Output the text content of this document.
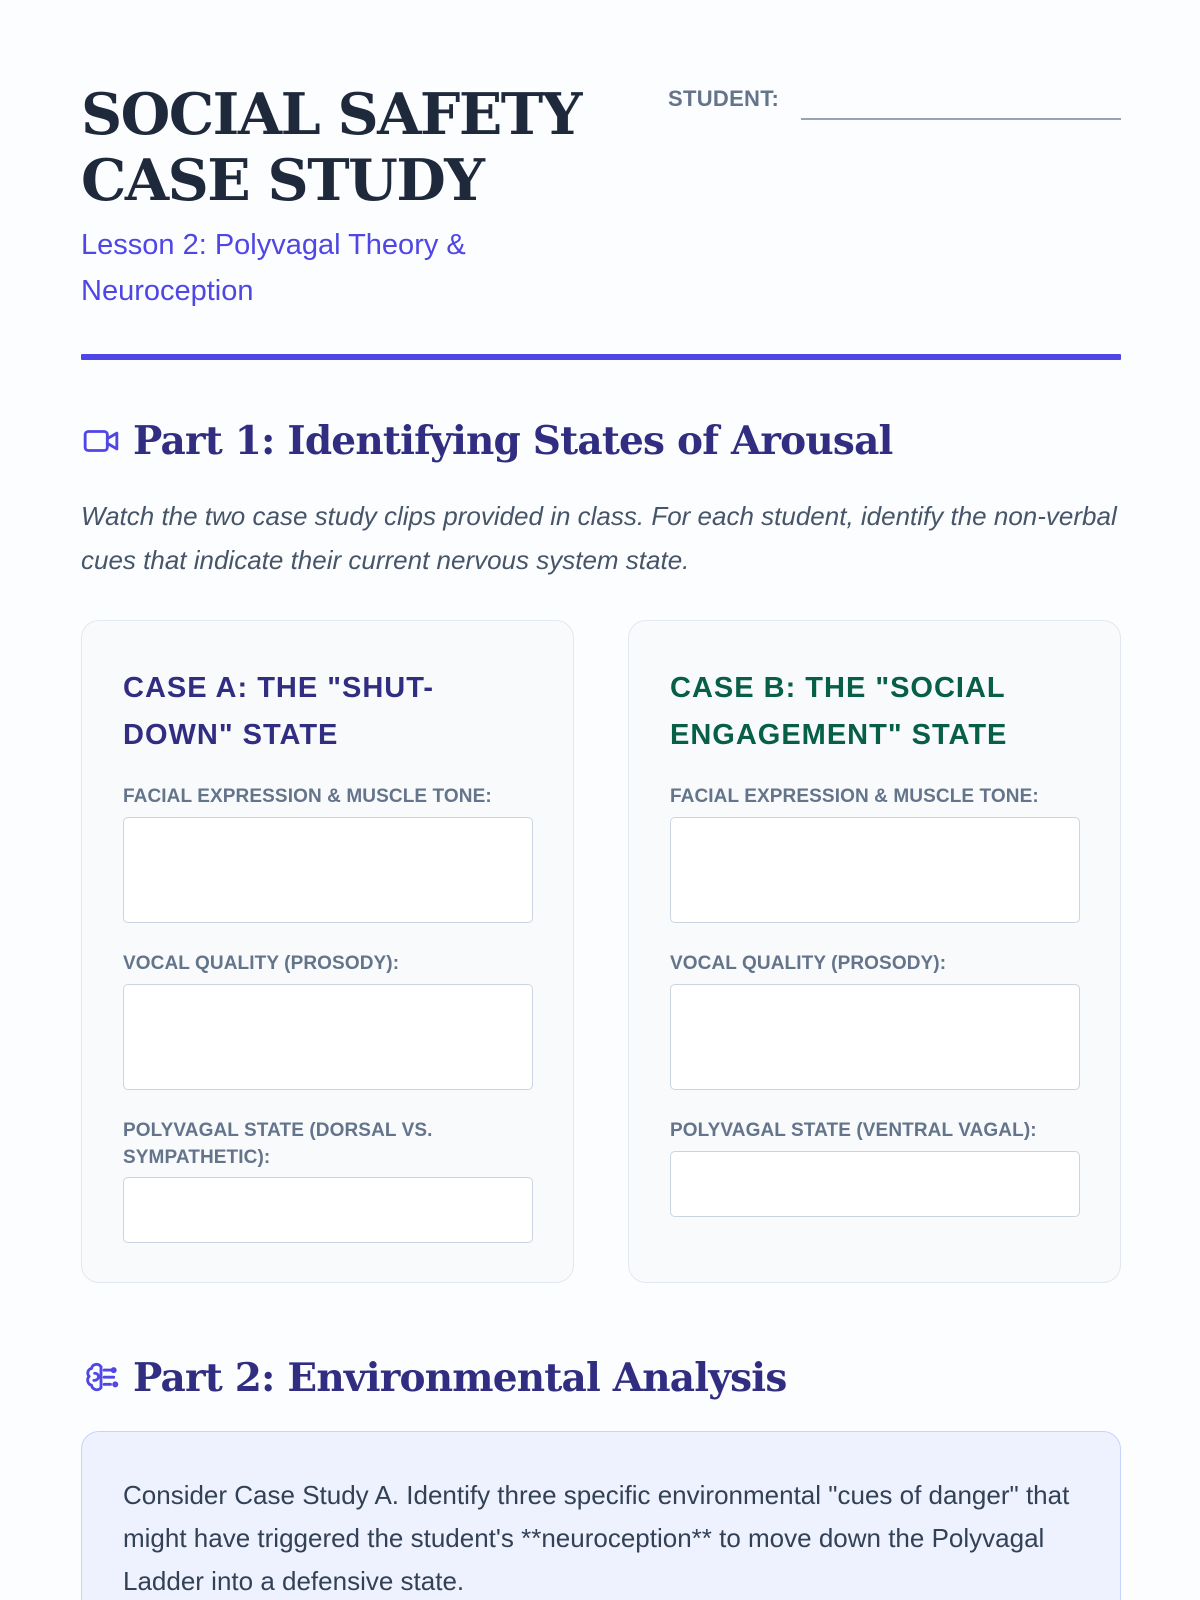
SOCIAL SAFETY
CASE STUDY
Lesson 2: Polyvagal Theory & Neuroception
STUDENT:
Part 1: Identifying States of Arousal

Watch the two case study clips provided in class. For each student, identify the non-verbal cues that indicate their current nervous system state.

CASE A: THE "SHUT-DOWN" STATE
FACIAL EXPRESSION & MUSCLE TONE:
VOCAL QUALITY (PROSODY):
POLYVAGAL STATE (DORSAL VS. SYMPATHETIC):
CASE B: THE "SOCIAL ENGAGEMENT" STATE
FACIAL EXPRESSION & MUSCLE TONE:
VOCAL QUALITY (PROSODY):
POLYVAGAL STATE (VENTRAL VAGAL):
Part 2: Environmental Analysis

Consider Case Study A. Identify three specific environmental "cues of danger" that might have triggered the student's **neuroception** to move down the Polyvagal Ladder into a defensive state.
